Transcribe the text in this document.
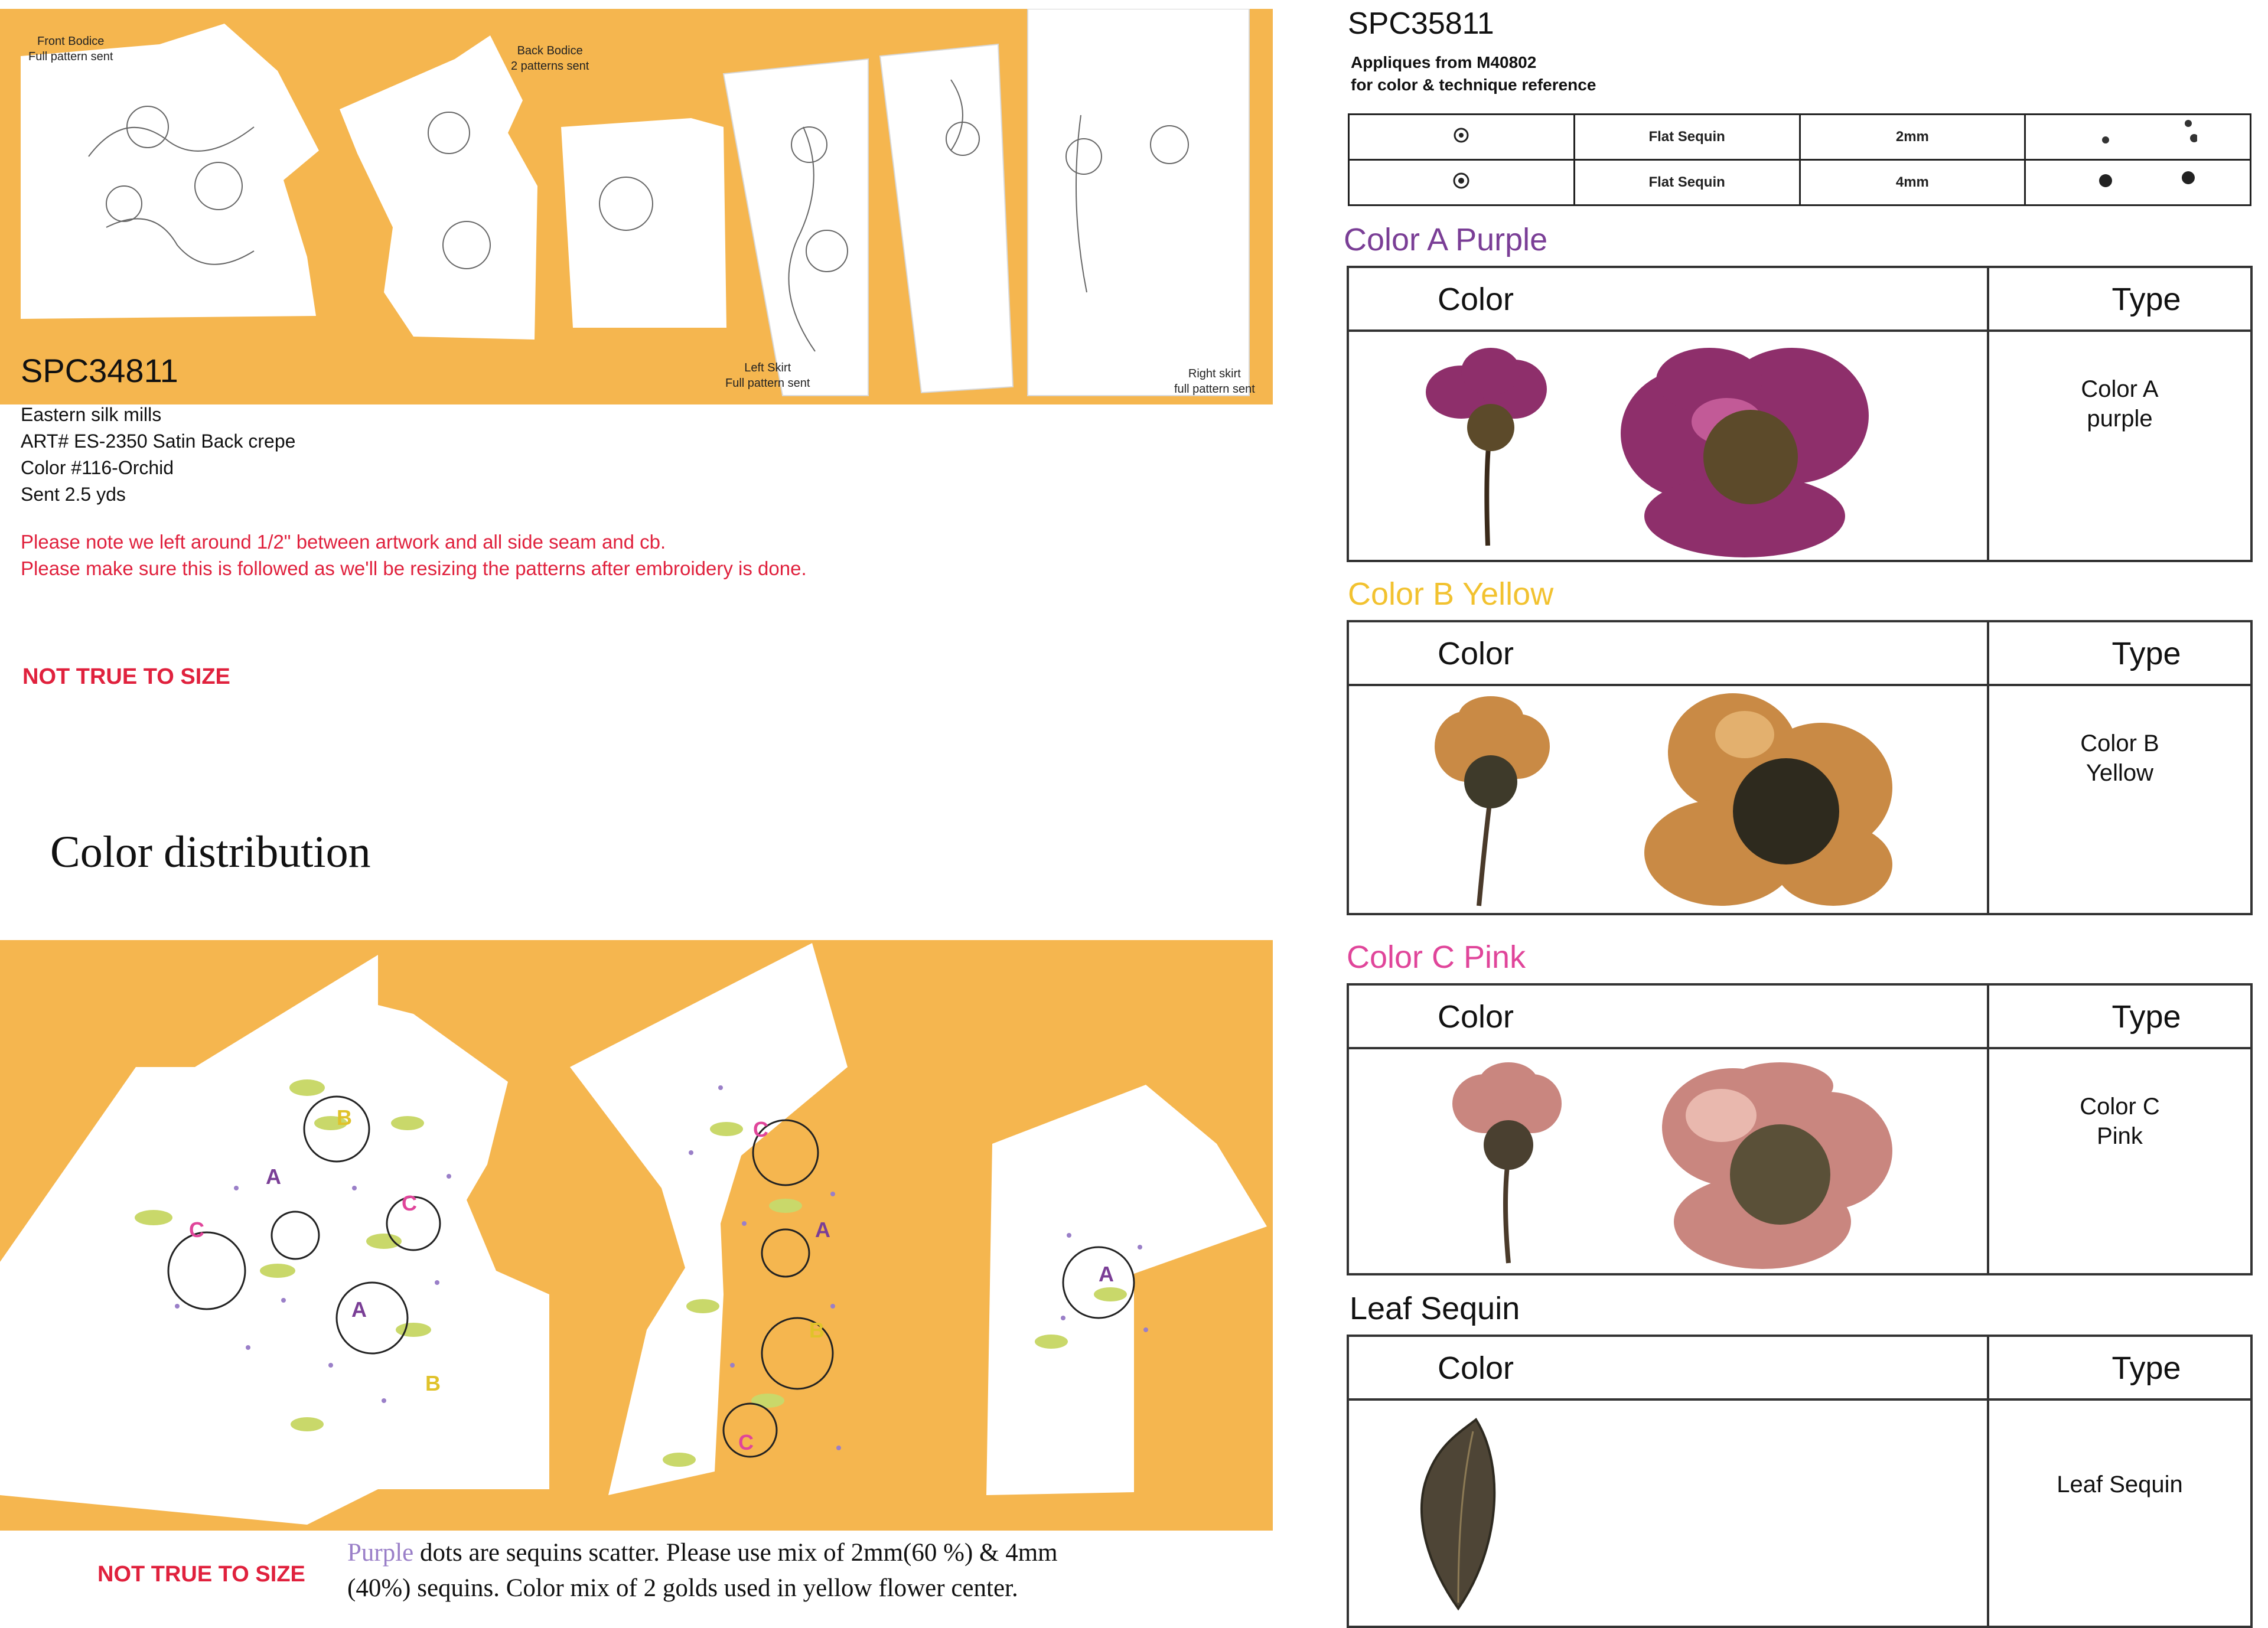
Front Bodice
Full pattern sent	Back Bodice
2 patterns sent
Left Skirt
Full pattern sent
Right skirt
full pattern sent
SPC34811
Eastern silk mills
ART# ES-2350 Satin Back crepe
Color #116-Orchid
Sent 2.5 yds
Please note we left around 1/2" between artwork and all side seam and cb.
Please make sure this is followed as we'll be resizing the patterns after embroidery is done.
NOT TRUE TO SIZE
Color distribution
B
A
C
C
A
B
C
A
B
C
A
NOT TRUE TO SIZE
Purple dots are sequins scatter. Please use mix of 2mm(60 %) & 4mm
(40%) sequins. Color mix of 2 golds used in yellow flower center.
SPC35811
Appliques from M40802
for color & technique reference
	Flat Sequin	2mm	
	Flat Sequin	4mm	
Color A Purple
Color	Type
Color A
purple
Color B Yellow
Color	Type
Color B
Yellow
Color C Pink
Color	Type
Color C
Pink
Leaf Sequin
Color	Type
Leaf Sequin
